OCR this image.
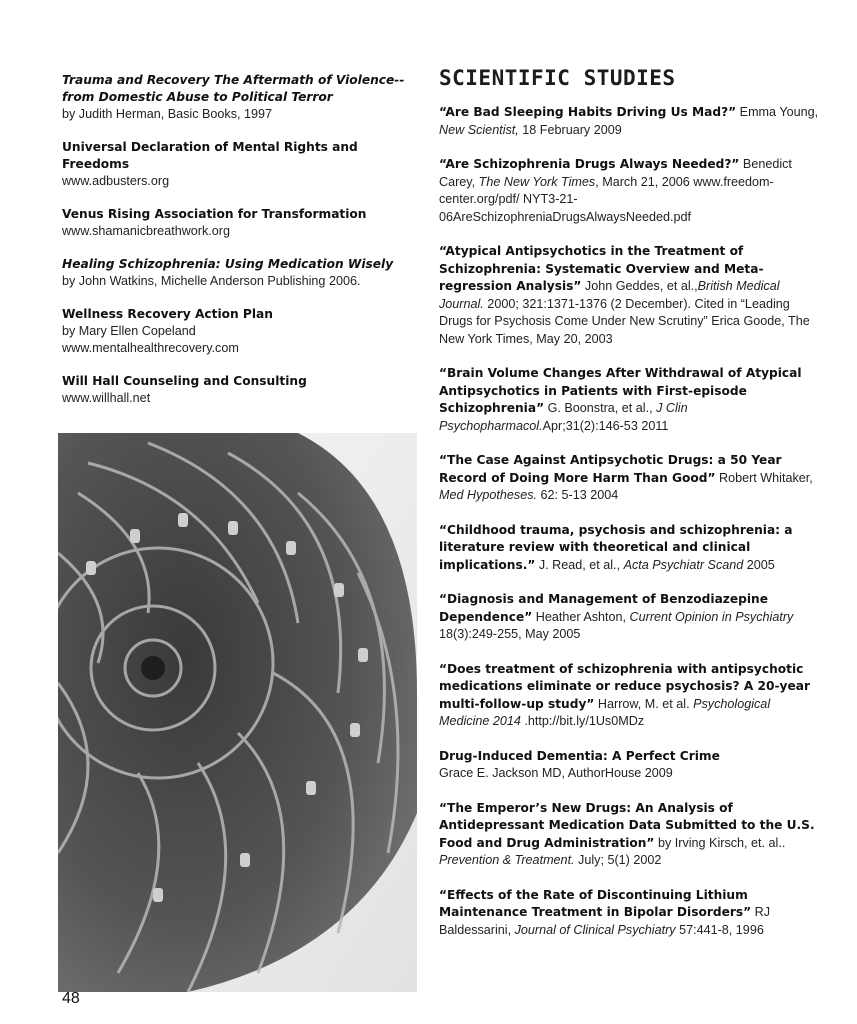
Trauma and Recovery The Aftermath of Violence--from Domestic Abuse to Political Terror
by Judith Herman, Basic Books, 1997
Universal Declaration of Mental Rights and Freedoms
www.adbusters.org
Venus Rising Association for Transformation
www.shamanicbreathwork.org
Healing Schizophrenia: Using Medication Wisely
by John Watkins, Michelle Anderson Publishing 2006.
Wellness Recovery Action Plan
by Mary Ellen Copeland
www.mentalhealthrecovery.com
Will Hall Counseling and Consulting
www.willhall.net
48
SCIENTIFIC STUDIES
“Are Bad Sleeping Habits Driving Us Mad?” Emma Young, New Scientist, 18 February 2009
“Are Schizophrenia Drugs Always Needed?” Benedict Carey, The New York Times, March 21, 2006 www.freedom-center.org/pdf/ NYT3-21-06AreSchizophreniaDrugsAlwaysNeeded.pdf
“Atypical Antipsychotics in the Treatment of Schizophrenia: Systematic Overview and Meta-regression Analysis” John Geddes, et al.,British Medical Journal. 2000; 321:1371-1376 (2 December). Cited in “Leading Drugs for Psychosis Come Under New Scrutiny” Erica Goode, The New York Times, May 20, 2003
“Brain Volume Changes After Withdrawal of Atypical Antipsychotics in Patients with First-episode Schizophrenia” G. Boonstra, et al., J Clin Psychopharmacol.Apr;31(2):146-53 2011
“The Case Against Antipsychotic Drugs: a 50 Year Record of Doing More Harm Than Good” Robert Whitaker, Med Hypotheses. 62: 5-13 2004
“Childhood trauma, psychosis and schizophrenia: a literature review with theoretical and clinical implications.” J. Read, et al., Acta Psychiatr Scand 2005
“Diagnosis and Management of Benzodiazepine Dependence” Heather Ashton, Current Opinion in Psychiatry 18(3):249-255, May 2005
“Does treatment of schizophrenia with antipsychotic medications eliminate or reduce psychosis? A 20-year multi-follow-up study” Harrow, M. et al. Psychological Medicine 2014 .http://bit.ly/1Us0MDz
Drug-Induced Dementia: A Perfect Crime
Grace E. Jackson MD, AuthorHouse 2009
“The Emperor’s New Drugs: An Analysis of Antidepressant Medication Data Submitted to the U.S. Food and Drug Administration” by Irving Kirsch, et. al.. Prevention & Treatment. July; 5(1) 2002
“Effects of the Rate of Discontinuing Lithium Maintenance Treatment in Bipolar Disorders” RJ Baldessarini, Journal of Clinical Psychiatry 57:441-8, 1996
